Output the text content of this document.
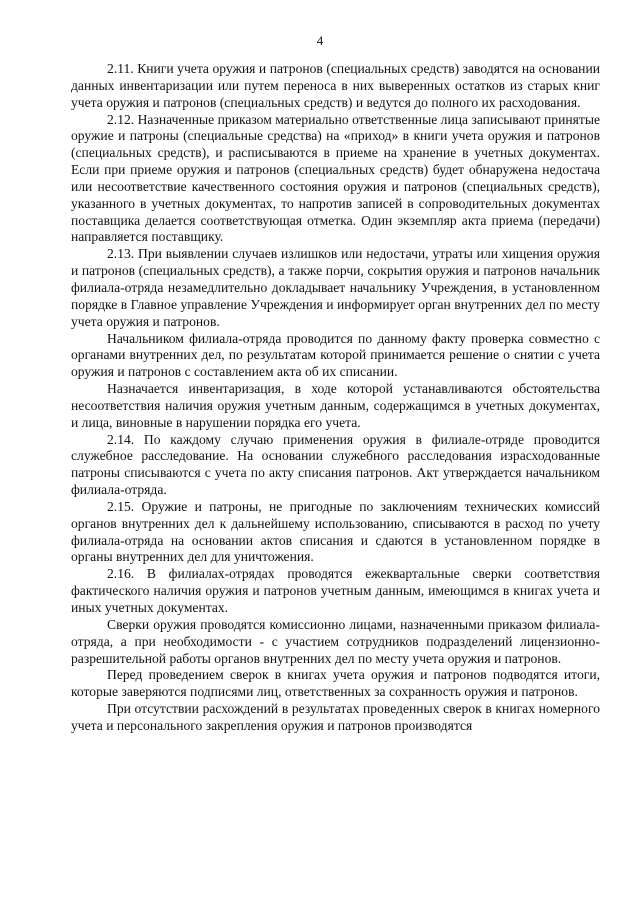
4

2.11. Книги учета оружия и патронов (специальных средств) заводятся на основании данных инвентаризации или путем переноса в них выверенных остатков из старых книг учета оружия и патронов (специальных средств) и ведутся до полного их расходования.

2.12. Назначенные приказом материально ответственные лица записывают принятые оружие и патроны (специальные средства) на «приход» в книги учета оружия и патронов (специальных средств), и расписываются в приеме на хранение в учетных документах. Если при приеме оружия и патронов (специальных средств) будет обнаружена недостача или несоответствие качественного состояния оружия и патронов (специальных средств), указанного в учетных документах, то напротив записей в сопроводительных документах поставщика делается соответствующая отметка. Один экземпляр акта приема (передачи) направляется поставщику.

2.13. При выявлении случаев излишков или недостачи, утраты или хищения оружия и патронов (специальных средств), а также порчи, сокрытия оружия и патронов начальник филиала-отряда незамедлительно докладывает начальнику Учреждения, в установленном порядке в Главное управление Учреждения и информирует орган внутренних дел по месту учета оружия и патронов.

Начальником филиала-отряда проводится по данному факту проверка совместно с органами внутренних дел, по результатам которой принимается решение о снятии с учета оружия и патронов с составлением акта об их списании.

Назначается инвентаризация, в ходе которой устанавливаются обстоятельства несоответствия наличия оружия учетным данным, содержащимся в учетных документах, и лица, виновные в нарушении порядка его учета.

2.14. По каждому случаю применения оружия в филиале-отряде проводится служебное расследование. На основании служебного расследования израсходованные патроны списываются с учета по акту списания патронов. Акт утверждается начальником филиала-отряда.

2.15. Оружие и патроны, не пригодные по заключениям технических комиссий органов внутренних дел к дальнейшему использованию, списываются в расход по учету филиала-отряда на основании актов списания и сдаются в установленном порядке в органы внутренних дел для уничтожения.

2.16. В филиалах-отрядах проводятся ежеквартальные сверки соответствия фактического наличия оружия и патронов учетным данным, имеющимся в книгах учета и иных учетных документах.

Сверки оружия проводятся комиссионно лицами, назначенными приказом филиала-отряда, а при необходимости - с участием сотрудников подразделений лицензионно-разрешительной работы органов внутренних дел по месту учета оружия и патронов.

Перед проведением сверок в книгах учета оружия и патронов подводятся итоги, которые заверяются подписями лиц, ответственных за сохранность оружия и патронов.

При отсутствии расхождений в результатах проведенных сверок в книгах номерного учета и персонального закрепления оружия и патронов производятся
